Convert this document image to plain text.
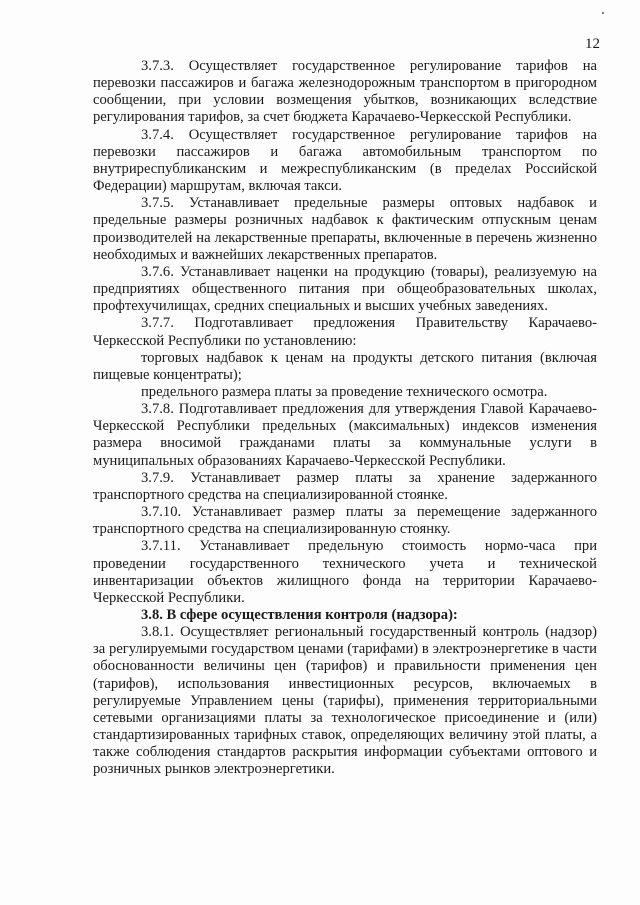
12

3.7.3. Осуществляет государственное регулирование тарифов на перевозки пассажиров и багажа железнодорожным транспортом в пригородном сообщении, при условии возмещения убытков, возникающих вследствие регулирования тарифов, за счет бюджета Карачаево-Черкесской Республики.

3.7.4. Осуществляет государственное регулирование тарифов на перевозки пассажиров и багажа автомобильным транспортом по внутриреспубликанским и межреспубликанским (в пределах Российской Федерации) маршрутам, включая такси.

3.7.5. Устанавливает предельные размеры оптовых надбавок и предельные размеры розничных надбавок к фактическим отпускным ценам производителей на лекарственные препараты, включенные в перечень жизненно необходимых и важнейших лекарственных препаратов.

3.7.6. Устанавливает наценки на продукцию (товары), реализуемую на предприятиях общественного питания при общеобразовательных школах, профтехучилищах, средних специальных и высших учебных заведениях.

3.7.7. Подготавливает предложения Правительству Карачаево-Черкесской Республики по установлению:

торговых надбавок к ценам на продукты детского питания (включая пищевые концентраты);

предельного размера платы за проведение технического осмотра.

3.7.8. Подготавливает предложения для утверждения Главой Карачаево-Черкесской Республики предельных (максимальных) индексов изменения размера вносимой гражданами платы за коммунальные услуги в муниципальных образованиях Карачаево-Черкесской Республики.

3.7.9. Устанавливает размер платы за хранение задержанного транспортного средства на специализированной стоянке.

3.7.10. Устанавливает размер платы за перемещение задержанного транспортного средства на специализированную стоянку.

3.7.11. Устанавливает предельную стоимость нормо-часа при проведении государственного технического учета и технической инвентаризации объектов жилищного фонда на территории Карачаево-Черкесской Республики.

3.8. В сфере осуществления контроля (надзора):

3.8.1. Осуществляет региональный государственный контроль (надзор) за регулируемыми государством ценами (тарифами) в электроэнергетике в части обоснованности величины цен (тарифов) и правильности применения цен (тарифов), использования инвестиционных ресурсов, включаемых в регулируемые Управлением цены (тарифы), применения территориальными сетевыми организациями платы за технологическое присоединение и (или) стандартизированных тарифных ставок, определяющих величину этой платы, а также соблюдения стандартов раскрытия информации субъектами оптового и розничных рынков электроэнергетики.
